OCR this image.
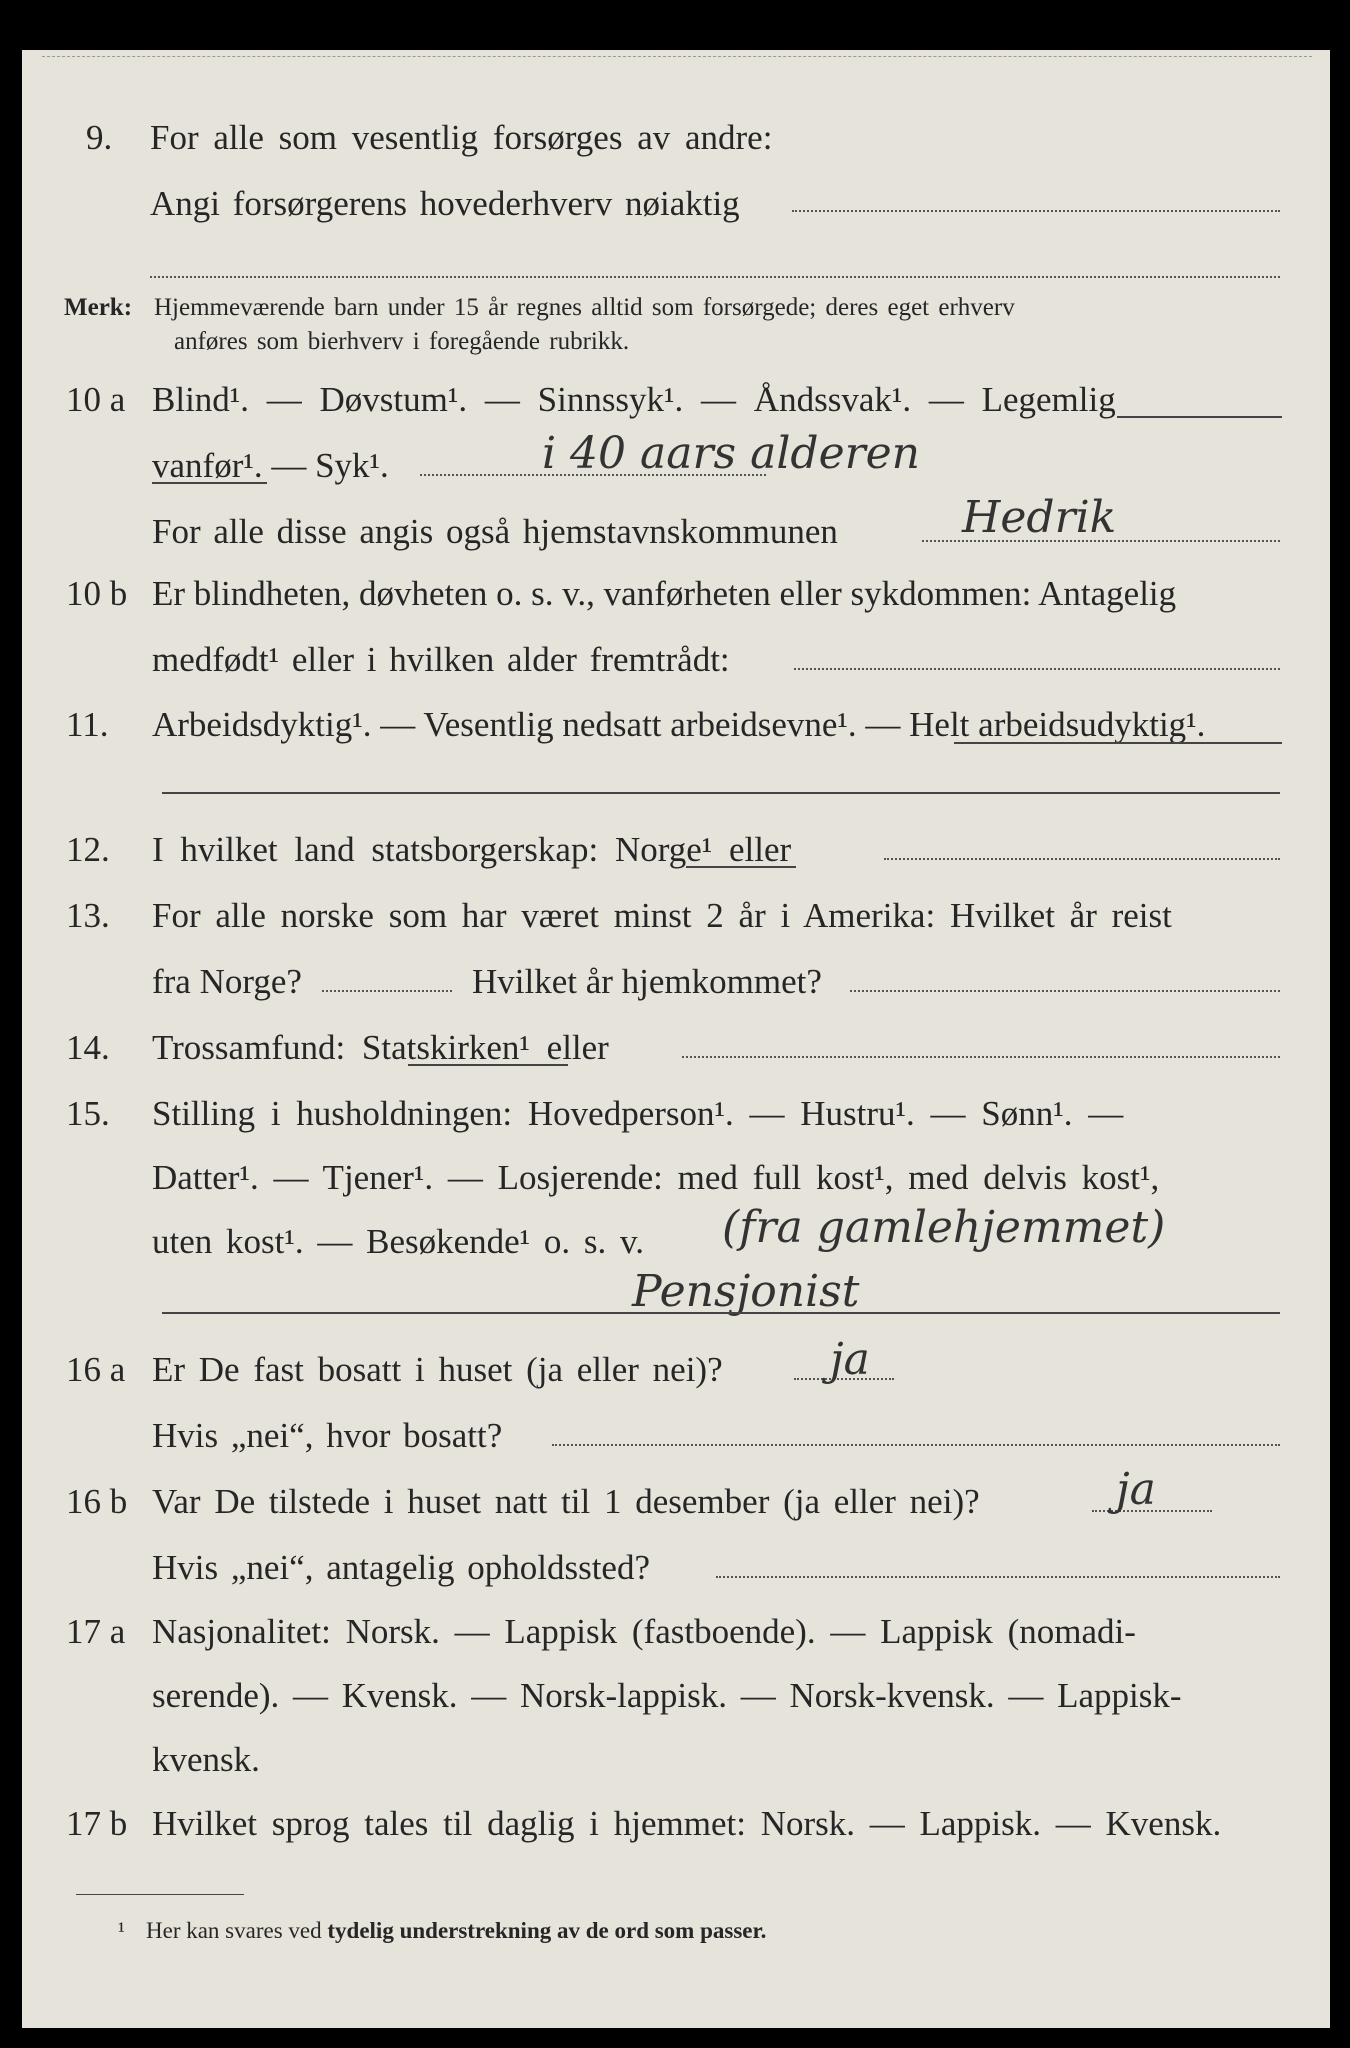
9. For alle som vesentlig forsørges av andre:
Angi forsørgerens hovederhverv nøiaktig
Merk: Hjemmeværende barn under 15 år regnes alltid som forsørgede; deres eget erhverv
anføres som bierhverv i foregående rubrikk.
10 a Blind¹. — Døvstum¹. — Sinnssyk¹. — Åndssvak¹. — Legemlig
vanfør¹. — Syk¹.	i 40 aars alderen
For alle disse angis også hjemstavnskommunen	Hedrik
10 b Er blindheten, døvheten o. s. v., vanførheten eller sykdommen: Antagelig
medfødt¹ eller i hvilken alder fremtrådt:
11. Arbeidsdyktig¹. — Vesentlig nedsatt arbeidsevne¹. — Helt arbeidsudyktig¹.
12. I hvilket land statsborgerskap: Norge¹ eller
13. For alle norske som har været minst 2 år i Amerika: Hvilket år reist
fra Norge?	Hvilket år hjemkommet?
14. Trossamfund: Statskirken¹ eller
15. Stilling i husholdningen: Hovedperson¹. — Hustru¹. — Sønn¹. —
Datter¹. — Tjener¹. — Losjerende: med full kost¹, med delvis kost¹,
uten kost¹. — Besøkende¹ o. s. v. (fra gamlehjemmet)
Pensjonist
16 a Er De fast bosatt i huset (ja eller nei)? ja
Hvis „nei“, hvor bosatt?
16 b Var De tilstede i huset natt til 1 desember (ja eller nei)?	ja
Hvis „nei“, antagelig opholdssted?
17 a Nasjonalitet: Norsk. — Lappisk (fastboende). — Lappisk (nomadi-
serende). — Kvensk. — Norsk-lappisk. — Norsk-kvensk. — Lappisk-
kvensk.
17 b Hvilket sprog tales til daglig i hjemmet: Norsk. — Lappisk. — Kvensk.
¹ Her kan svares ved tydelig understrekning av de ord som passer.
